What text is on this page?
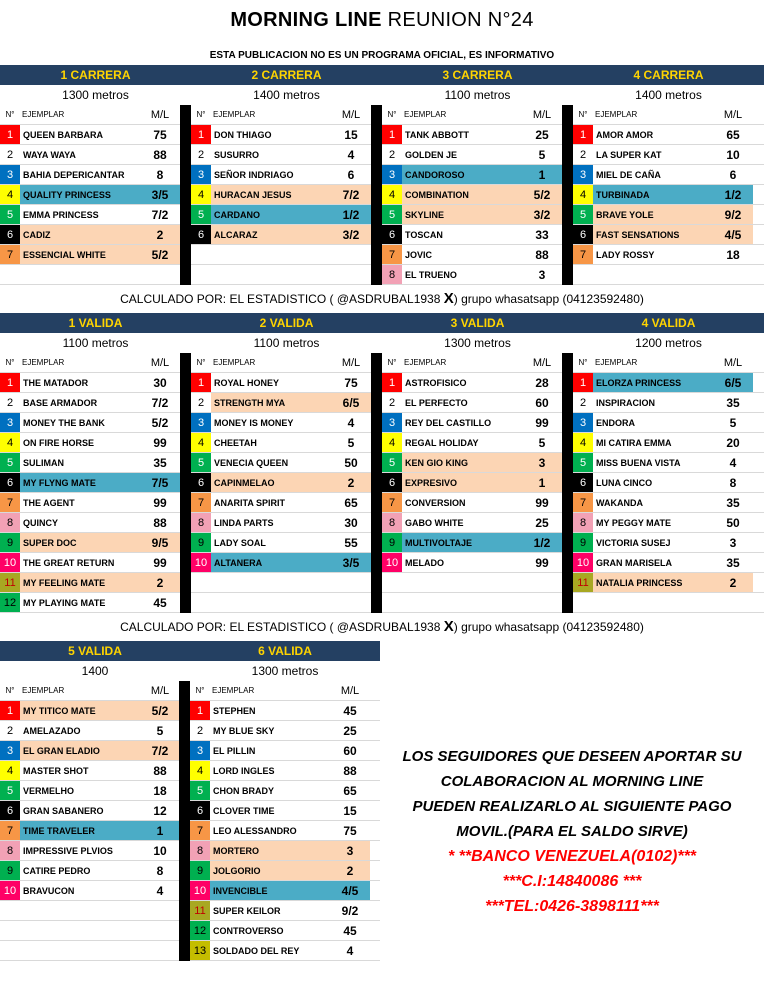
MORNING LINE REUNION N°24
ESTA PUBLICACION NO ES UN PROGRAMA OFICIAL, ES INFORMATIVO
1 CARRERA	2 CARRERA	3 CARRERA	4 CARRERA
1300 metros	1400 metros	1100 metros	1400 metros
N° EJEMPLAR	M/L
1	QUEEN BARBARA	75
2	WAYA WAYA	88
3	BAHIA DEPERICANTAR	8
4	QUALITY PRINCESS	3/5
5	EMMA PRINCESS	7/2
6	CADIZ	2
7	ESSENCIAL WHITE	5/2
N° EJEMPLAR	M/L
1	DON THIAGO	15
2	SUSURRO	4
3	SEÑOR INDRIAGO	6
4	HURACAN JESUS	7/2
5	CARDANO	1/2
6	ALCARAZ	3/2
N° EJEMPLAR	M/L
1	TANK ABBOTT	25
2	GOLDEN JE	5
3	CANDOROSO	1
4	COMBINATION	5/2
5	SKYLINE	3/2
6	TOSCAN	33
7	JOVIC	88
8	EL TRUENO	3
N° EJEMPLAR	M/L
1	AMOR AMOR	65
2	LA SUPER KAT	10
3	MIEL DE CAÑA	6
4	TURBINADA	1/2
5	BRAVE YOLE	9/2
6	FAST SENSATIONS	4/5
7	LADY ROSSY	18
CALCULADO POR: EL ESTADISTICO ( @ASDRUBAL1938 X) grupo whasatsapp (04123592480)
1 VALIDA	2 VALIDA	3 VALIDA	4 VALIDA
1100 metros	1100 metros	1300 metros	1200 metros
N° EJEMPLAR	M/L
1	THE MATADOR	30
2	BASE ARMADOR	7/2
3	MONEY THE BANK	5/2
4	ON FIRE HORSE	99
5	SULIMAN	35
6	MY FLYNG MATE	7/5
7	THE AGENT	99
8	QUINCY	88
9	SUPER DOC	9/5
10 THE GREAT RETURN	99
11 MY FEELING MATE	2
12 MY PLAYING MATE	45
N° EJEMPLAR	M/L
1	ROYAL HONEY	75
2	STRENGTH MYA	6/5
3	MONEY IS MONEY	4
4	CHEETAH	5
5	VENECIA QUEEN	50
6	CAPINMELAO	2
7	ANARITA SPIRIT	65
8	LINDA PARTS	30
9	LADY SOAL	55
10 ALTANERA	3/5
N° EJEMPLAR	M/L
1	ASTROFISICO	28
2	EL PERFECTO	60
3	REY DEL CASTILLO	99
4	REGAL HOLIDAY	5
5	KEN GIO KING	3
6	EXPRESIVO	1
7	CONVERSION	99
8	GABO WHITE	25
9	MULTIVOLTAJE	1/2
10 MELADO	99
N° EJEMPLAR	M/L
1	ELORZA PRINCESS	6/5
2	INSPIRACION	35
3	ENDORA	5
4	MI CATIRA EMMA	20
5	MISS BUENA VISTA	4
6	LUNA CINCO	8
7	WAKANDA	35
8	MY PEGGY MATE	50
9	VICTORIA SUSEJ	3
10 GRAN MARISELA	35
11 NATALIA PRINCESS	2
CALCULADO POR: EL ESTADISTICO ( @ASDRUBAL1938 X) grupo whasatsapp (04123592480)
5 VALIDA	6 VALIDA
1400	1300 metros
N° EJEMPLAR	M/L
1	MY TITICO MATE	5/2
2	AMELAZADO	5
3	EL GRAN ELADIO	7/2
4	MASTER SHOT	88
5	VERMELHO	18
6	GRAN SABANERO	12
7	TIME TRAVELER	1
8	IMPRESSIVE PLVIOS	10
9	CATIRE PEDRO	8
10 BRAVUCON	4
N° EJEMPLAR	M/L
1	STEPHEN	45
2	MY BLUE SKY	25
3	EL PILLIN	60
4	LORD INGLES	88
5	CHON BRADY	65
6	CLOVER TIME	15
7	LEO ALESSANDRO	75
8	MORTERO	3
9	JOLGORIO	2
10 INVENCIBLE	4/5
11 SUPER KEILOR	9/2
12 CONTROVERSO	45
13 SOLDADO DEL REY	4

LOS SEGUIDORES QUE DESEEN APORTAR SU

COLABORACION AL MORNING LINE

PUEDEN REALIZARLO AL SIGUIENTE PAGO

MOVIL.(PARA EL SALDO SIRVE)

* **BANCO VENEZUELA(0102)***

***C.I:14840086 ***

***TEL:0426-3898111***
